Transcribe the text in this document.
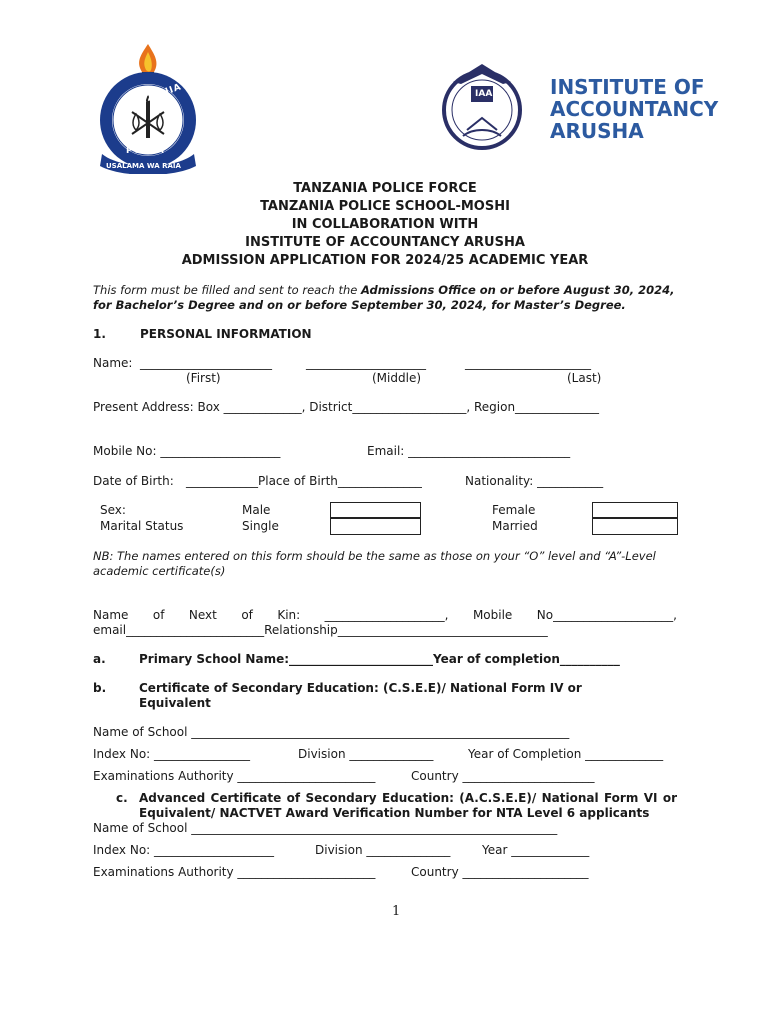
TANZANIA
POLISI
USALAMA WA RAIA
IAA	INSTITUTE OF
ACCOUNTANCY
ARUSHA
TANZANIA POLICE FORCE
TANZANIA POLICE SCHOOL-MOSHI
IN COLLABORATION WITH
INSTITUTE OF ACCOUNTANCY ARUSHA
ADMISSION APPLICATION FOR 2024/25 ACADEMIC YEAR
This form must be filled and sent to reach the Admissions Office on or before August 30, 2024,
for Bachelor’s Degree and on or before September 30, 2024, for Master’s Degree.
1.	PERSONAL INFORMATION
Name: ______________________	____________________	_____________________
(First)	(Middle)	(Last)
Present Address: Box _____________, District___________________, Region______________
Mobile No: ____________________	Email: ___________________________
Date of Birth: ____________Place of Birth______________	Nationality: ___________
Sex:	Male	Female
Marital Status	Single	Married
NB: The names entered on this form should be the same as those on your “O” level and “A”-Level
academic certificate(s)
Name of Next of Kin: ____________________, Mobile No____________________,
email_______________________Relationship___________________________________
a.	Primary School Name:________________________Year of completion__________
b.	Certificate of Secondary Education: (C.S.E.E)/ National Form IV or
Equivalent
Name of School _______________________________________________________________
Index No: ________________	Division ______________	Year of Completion _____________
Examinations Authority _______________________	Country ______________________
c. Advanced Certificate of Secondary Education: (A.C.S.E.E)/ National Form VI or
Equivalent/ NACTVET Award Verification Number for NTA Level 6 applicants
Name of School _____________________________________________________________
Index No: ____________________	Division ______________	Year _____________
Examinations Authority _______________________	Country _____________________
1
